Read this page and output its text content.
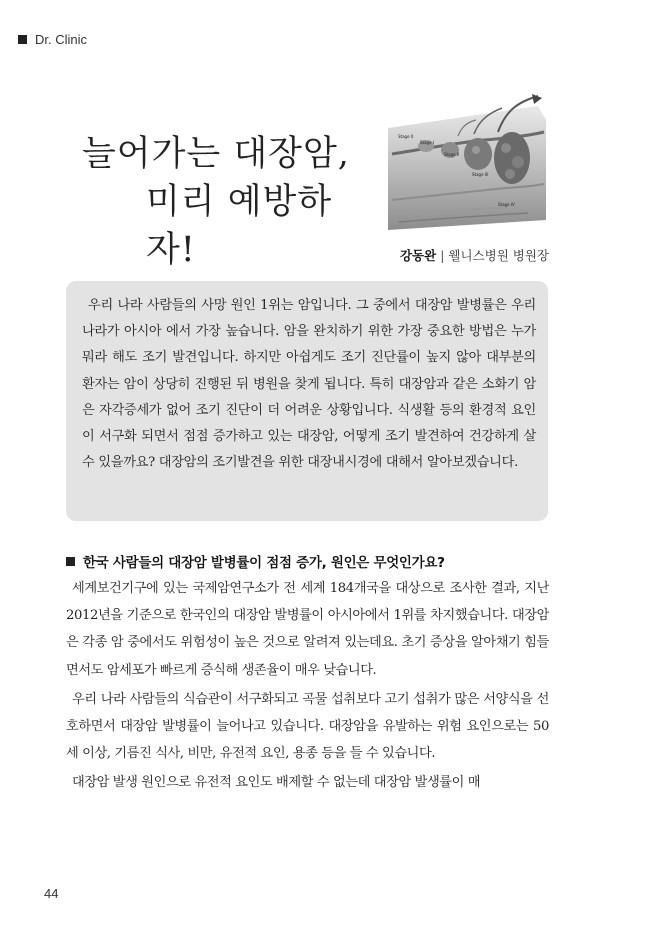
Dr. Clinic
늘어가는 대장암,
미리 예방하자!
Stage 0
Stage I
Stage II
Stage III
Stage IV
강동완 | 웰니스병원 병원장
우리 나라 사람들의 사망 원인 1위는 암입니다. 그 중에서 대장암 발병률은 우리나라가 아시아 에서 가장 높습니다. 암을 완치하기 위한 가장 중요한 방법은 누가 뭐라 해도 조기 발견입니다. 하지만 아쉽게도 조기 진단률이 높지 않아 대부분의 환자는 암이 상당히 진행된 뒤 병원을 찾게 됩니다. 특히 대장암과 같은 소화기 암은 자각증세가 없어 조기 진단이 더 어려운 상황입니다. 식생활 등의 환경적 요인이 서구화 되면서 점점 증가하고 있는 대장암, 어떻게 조기 발견하여 건강하게 살 수 있을까요? 대장암의 조기발견을 위한 대장내시경에 대해서 알아보겠습니다.
한국 사람들의 대장암 발병률이 점점 증가, 원인은 무엇인가요?

세계보건기구에 있는 국제암연구소가 전 세계 184개국을 대상으로 조사한 결과, 지난 2012년을 기준으로 한국인의 대장암 발병률이 아시아에서 1위를 차지했습니다. 대장암은 각종 암 중에서도 위험성이 높은 것으로 알려져 있는데요. 초기 증상을 알아채기 힘들면서도 암세포가 빠르게 증식해 생존율이 매우 낮습니다.

우리 나라 사람들의 식습관이 서구화되고 곡물 섭취보다 고기 섭취가 많은 서양식을 선호하면서 대장암 발병률이 늘어나고 있습니다. 대장암을 유발하는 위험 요인으로는 50세 이상, 기름진 식사, 비만, 유전적 요인, 용종 등을 들 수 있습니다.

대장암 발생 원인으로 유전적 요인도 배제할 수 없는데 대장암 발생률이 매

44
